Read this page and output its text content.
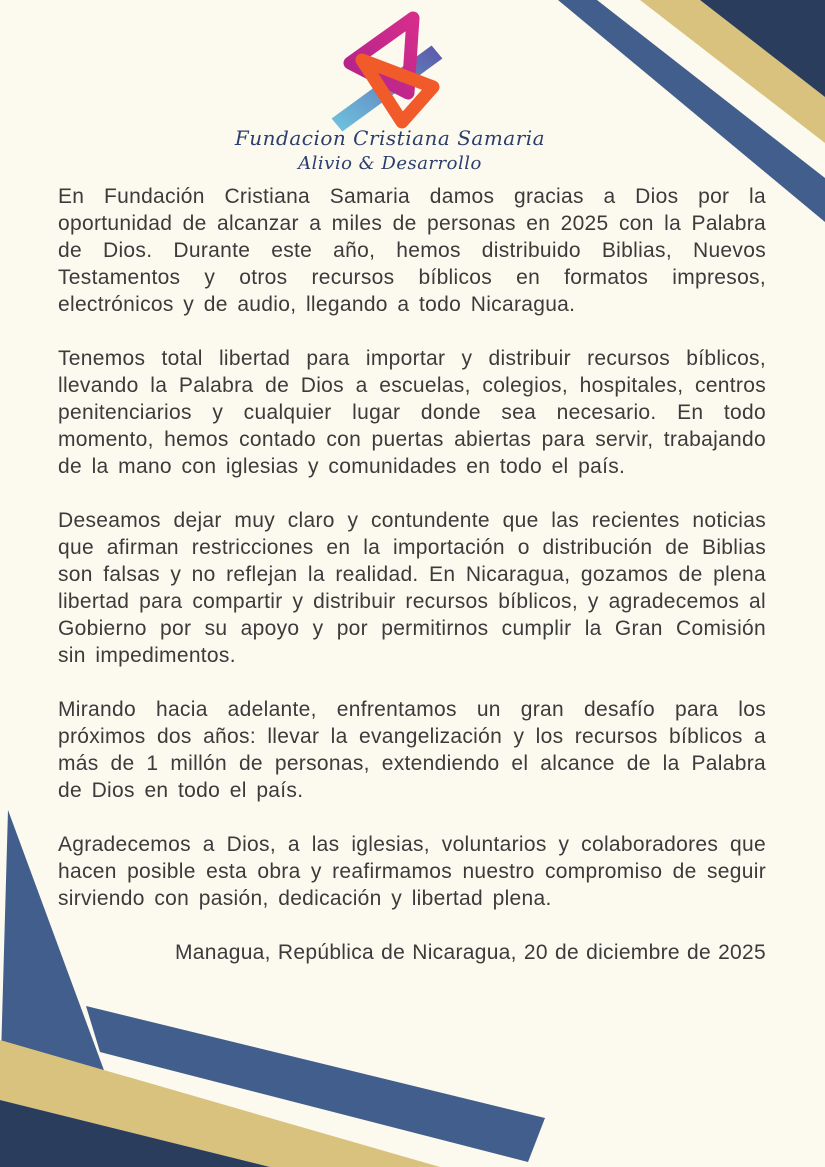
Fundacion Cristiana Samaria
Alivio & Desarrollo

En Fundación Cristiana Samaria damos gracias a Dios por la oportunidad de alcanzar a miles de personas en 2025 con la Palabra de Dios. Durante este año, hemos distribuido Biblias, Nuevos Testamentos y otros recursos bíblicos en formatos impresos, electrónicos y de audio, llegando a todo Nicaragua.

Tenemos total libertad para importar y distribuir recursos bíblicos, llevando la Palabra de Dios a escuelas, colegios, hospitales, centros penitenciarios y cualquier lugar donde sea necesario. En todo momento, hemos contado con puertas abiertas para servir, trabajando de la mano con iglesias y comunidades en todo el país.

Deseamos dejar muy claro y contundente que las recientes noticias que afirman restricciones en la importación o distribución de Biblias son falsas y no reflejan la realidad. En Nicaragua, gozamos de plena libertad para compartir y distribuir recursos bíblicos, y agradecemos al Gobierno por su apoyo y por permitirnos cumplir la Gran Comisión sin impedimentos.

Mirando hacia adelante, enfrentamos un gran desafío para los próximos dos años: llevar la evangelización y los recursos bíblicos a más de 1 millón de personas, extendiendo el alcance de la Palabra de Dios en todo el país.

Agradecemos a Dios, a las iglesias, voluntarios y colaboradores que hacen posible esta obra y reafirmamos nuestro compromiso de seguir sirviendo con pasión, dedicación y libertad plena.

Managua, República de Nicaragua, 20 de diciembre de 2025
